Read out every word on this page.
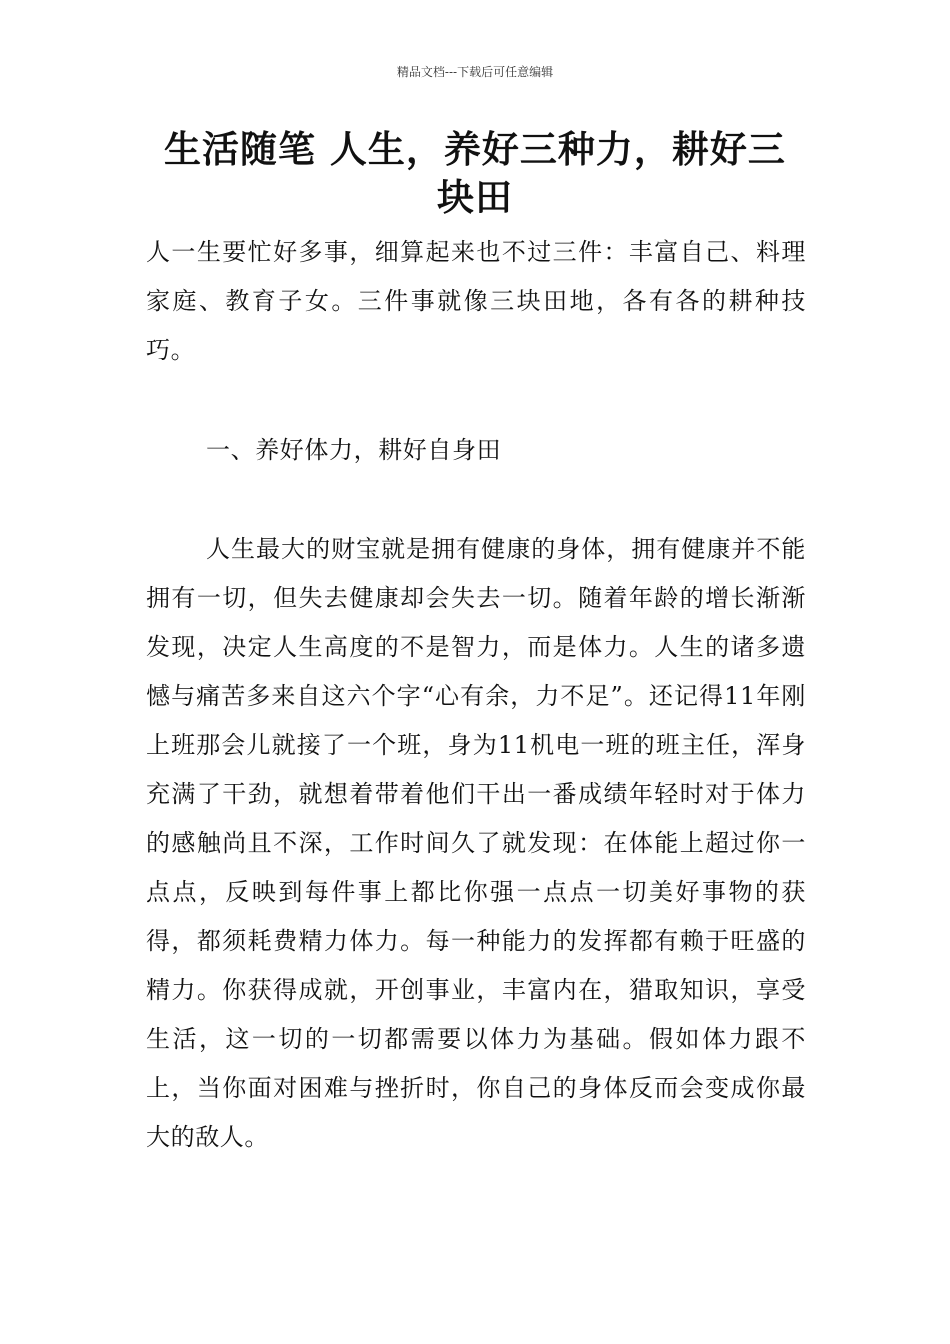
精品文档---下载后可任意编辑
生活随笔 人生，养好三种力，耕好三块田

人一生要忙好多事，细算起来也不过三件：丰富自己、料理家庭、教育子女。三件事就像三块田地，各有各的耕种技巧。

一、养好体力，耕好自身田

人生最大的财宝就是拥有健康的身体，拥有健康并不能拥有一切，但失去健康却会失去一切。随着年龄的增长渐渐发现，决定人生高度的不是智力，而是体力。人生的诸多遗憾与痛苦多来自这六个字“心有余，力不足”。还记得11年刚上班那会儿就接了一个班，身为11机电一班的班主任，浑身充满了干劲，就想着带着他们干出一番成绩年轻时对于体力的感触尚且不深，工作时间久了就发现：在体能上超过你一点点，反映到每件事上都比你强一点点一切美好事物的获得，都须耗费精力体力。每一种能力的发挥都有赖于旺盛的精力。你获得成就，开创事业，丰富内在，猎取知识，享受生活，这一切的一切都需要以体力为基础。假如体力跟不上，当你面对困难与挫折时，你自己的身体反而会变成你最大的敌人。
